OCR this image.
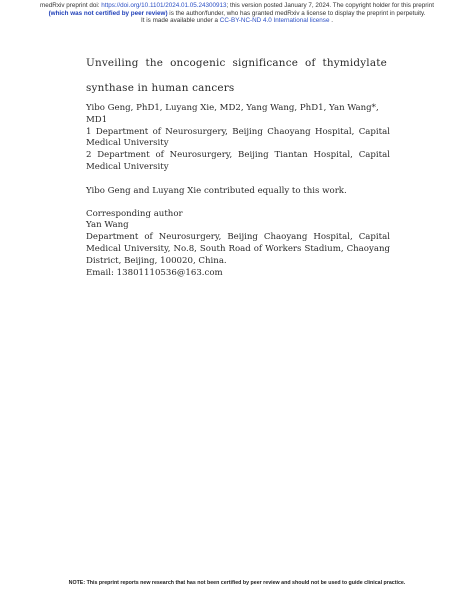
medRxiv preprint doi: https://doi.org/10.1101/2024.01.05.24300913; this version posted January 7, 2024. The copyright holder for this preprint
(which was not certified by peer review) is the author/funder, who has granted medRxiv a license to display the preprint in perpetuity.
It is made available under a CC-BY-NC-ND 4.0 International license .
Unveiling the oncogenic significance of thymidylate
synthase in human cancers

Yibo Geng, PhD1, Luyang Xie, MD2, Yang Wang, PhD1, Yan Wang*, MD1

1 Department of Neurosurgery, Beijing Chaoyang Hospital, Capital Medical University

2 Department of Neurosurgery, Beijing Tiantan Hospital, Capital Medical University

Yibo Geng and Luyang Xie contributed equally to this work.

Corresponding author

Yan Wang

Department of Neurosurgery, Beijing Chaoyang Hospital, Capital Medical University, No.8, South Road of Workers Stadium, Chaoyang District, Beijing, 100020, China.

Email: 13801110536@163.com

NOTE: This preprint reports new research that has not been certified by peer review and should not be used to guide clinical practice.
